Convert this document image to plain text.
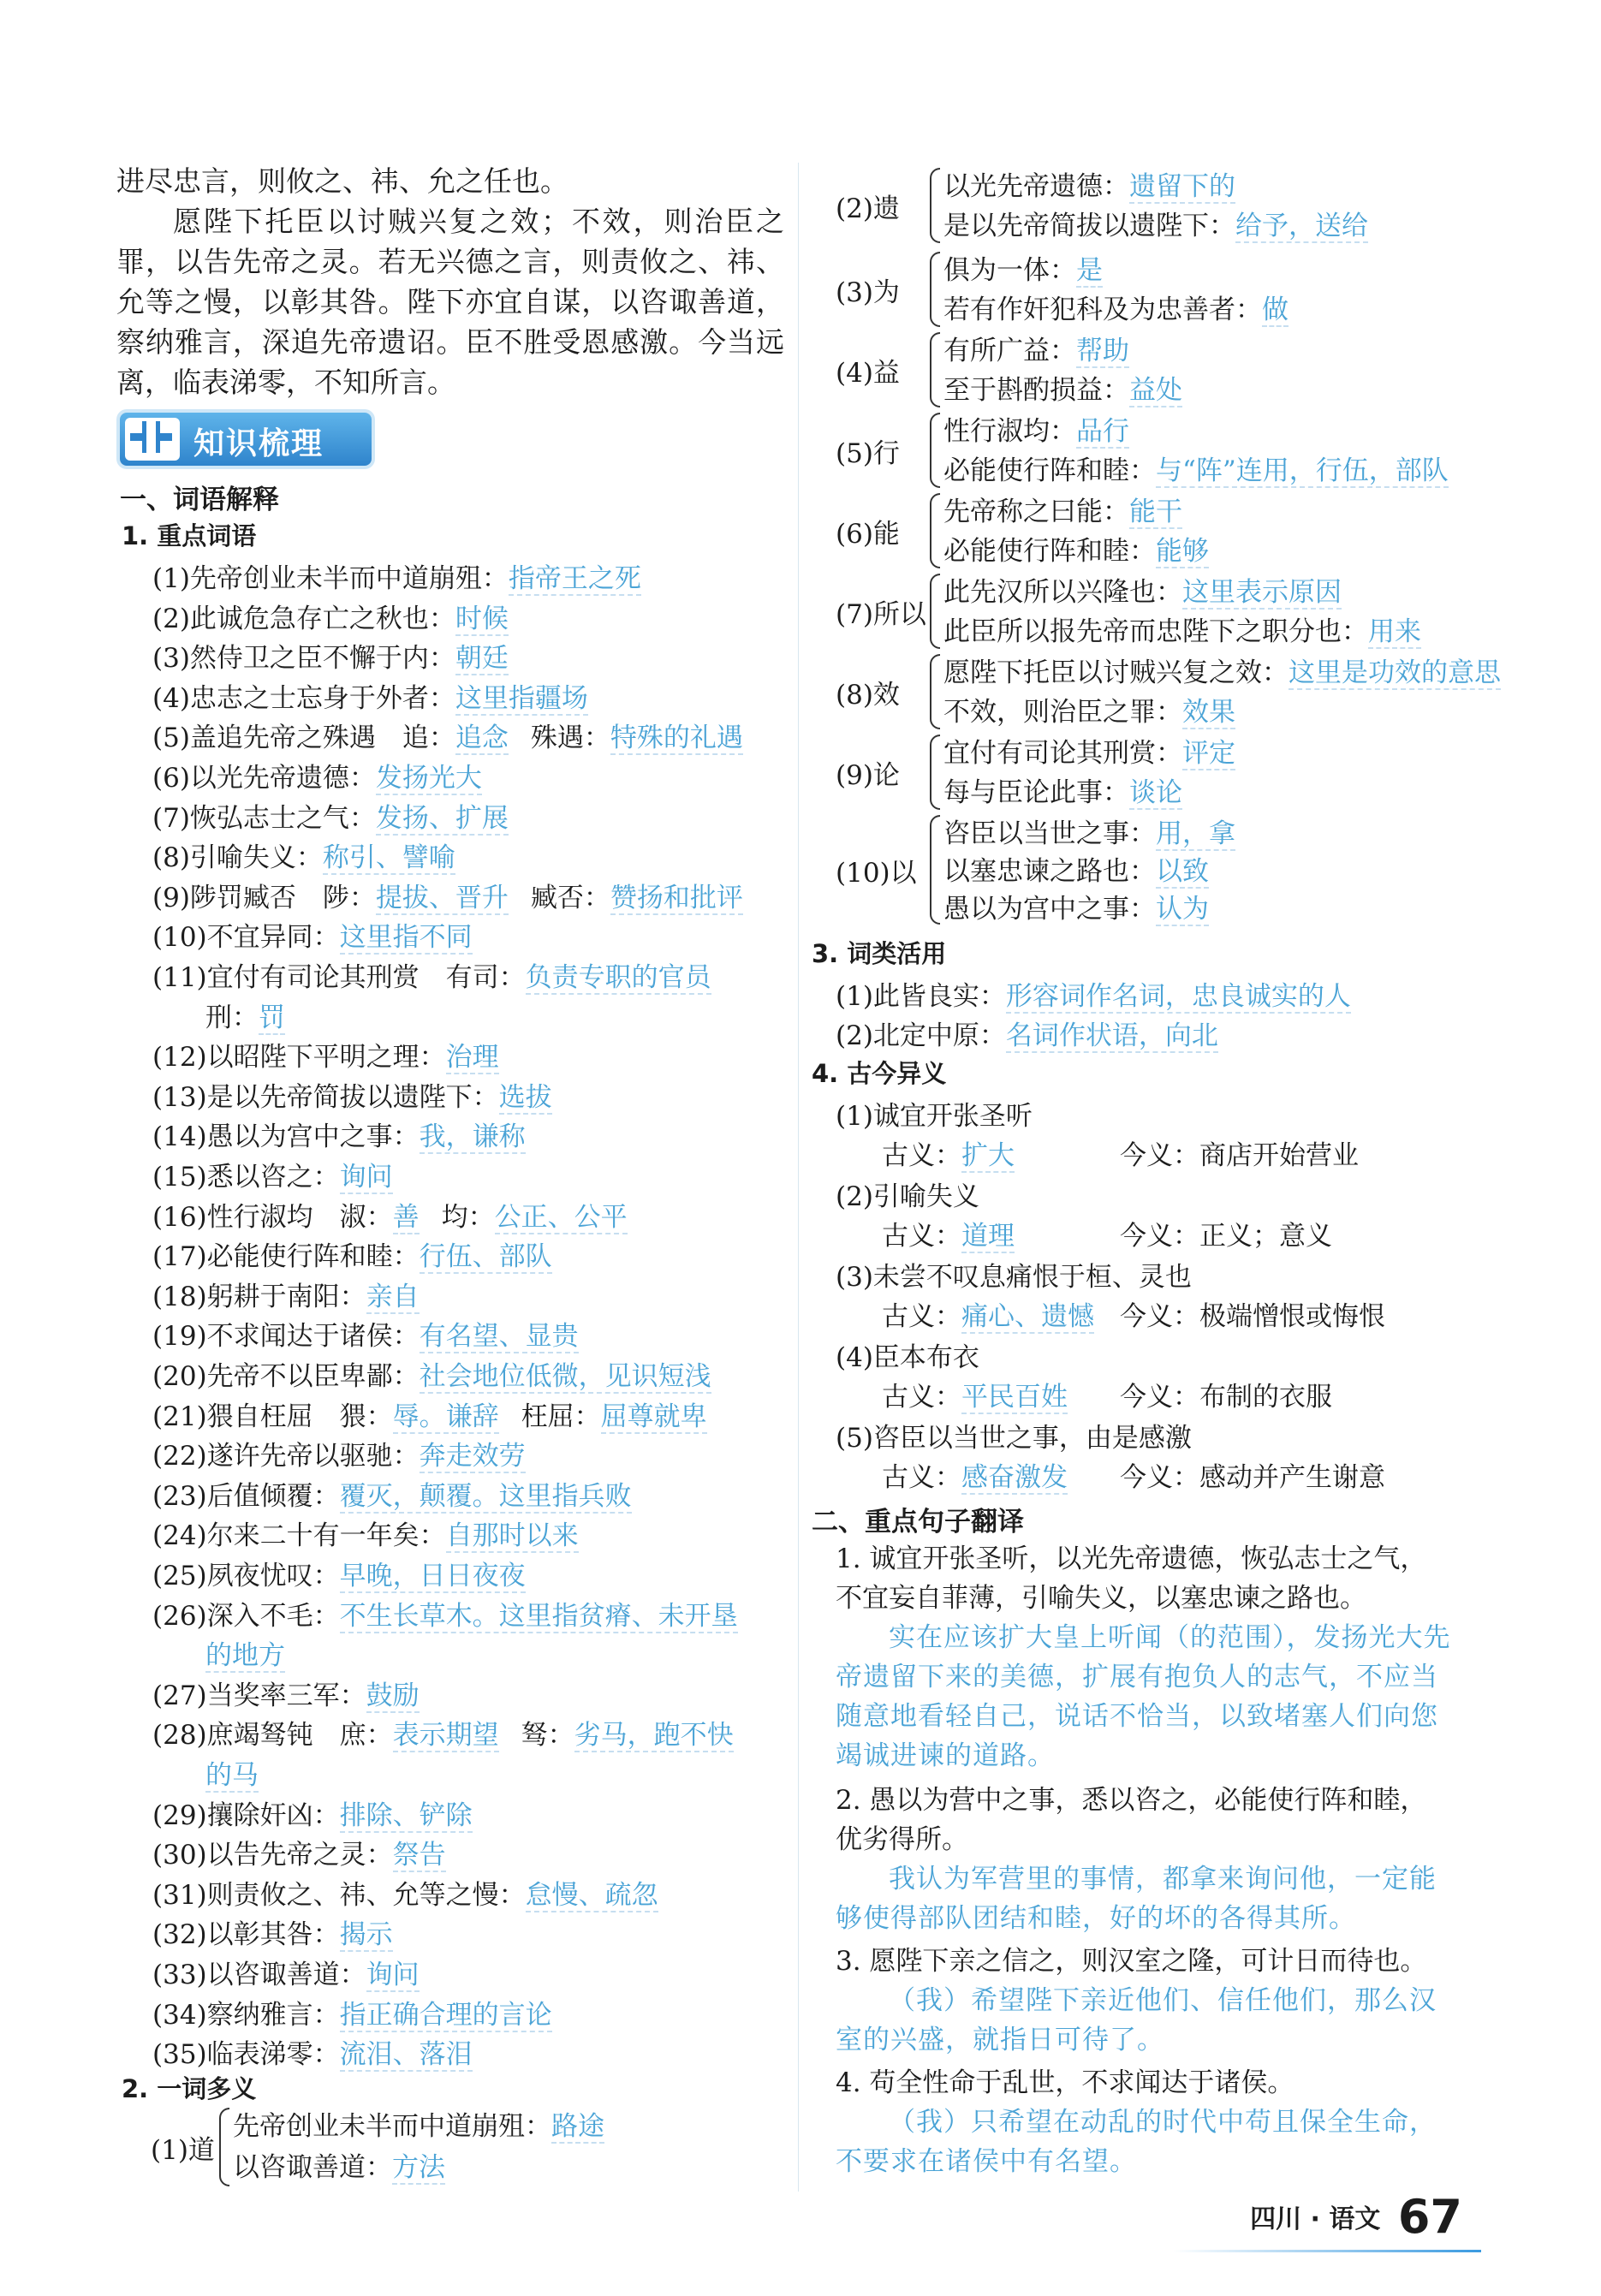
进尽忠言，则攸之、祎、允之任也。

愿陛下托臣以讨贼兴复之效；不效，则治臣之罪，以告先帝之灵。若无兴德之言，则责攸之、祎、允等之慢，以彰其咎。陛下亦宜自谋，以咨诹善道，察纳雅言，深追先帝遗诏。臣不胜受恩感激。今当远离，临表涕零，不知所言。

知识梳理
一、词语解释
1. 重点词语
(1)先帝创业未半而中道崩殂：指帝王之死
(2)此诚危急存亡之秋也：时候
(3)然侍卫之臣不懈于内：朝廷
(4)忠志之士忘身于外者：这里指疆场
(5)盖追先帝之殊遇　追：追念 殊遇：特殊的礼遇
(6)以光先帝遗德：发扬光大
(7)恢弘志士之气：发扬、扩展
(8)引喻失义：称引、譬喻
(9)陟罚臧否　陟：提拔、晋升 臧否：赞扬和批评
(10)不宜异同：这里指不同
(11)宜付有司论其刑赏　有司：负责专职的官员
刑：罚
(12)以昭陛下平明之理：治理
(13)是以先帝简拔以遗陛下：选拔
(14)愚以为宫中之事：我，谦称
(15)悉以咨之：询问
(16)性行淑均　淑：善 均：公正、公平
(17)必能使行阵和睦：行伍、部队
(18)躬耕于南阳：亲自
(19)不求闻达于诸侯：有名望、显贵
(20)先帝不以臣卑鄙：社会地位低微，见识短浅
(21)猥自枉屈　猥：辱。谦辞 枉屈：屈尊就卑
(22)遂许先帝以驱驰：奔走效劳
(23)后值倾覆：覆灭，颠覆。这里指兵败
(24)尔来二十有一年矣：自那时以来
(25)夙夜忧叹：早晚，日日夜夜
(26)深入不毛：不生长草木。这里指贫瘠、未开垦
的地方
(27)当奖率三军：鼓励
(28)庶竭驽钝　庶：表示期望 驽：劣马，跑不快
的马
(29)攘除奸凶：排除、铲除
(30)以告先帝之灵：祭告
(31)则责攸之、祎、允等之慢：怠慢、疏忽
(32)以彰其咎：揭示
(33)以咨诹善道：询问
(34)察纳雅言：指正确合理的言论
(35)临表涕零：流泪、落泪
2. 一词多义
(1)道
先帝创业未半而中道崩殂：路途
以咨诹善道：方法
(2)遗
以光先帝遗德：遗留下的
是以先帝简拔以遗陛下：给予，送给
(3)为
俱为一体：是
若有作奸犯科及为忠善者：做
(4)益
有所广益：帮助
至于斟酌损益：益处
(5)行
性行淑均：品行
必能使行阵和睦：与“阵”连用，行伍，部队
(6)能
先帝称之曰能：能干
必能使行阵和睦：能够
(7)所以
此先汉所以兴隆也：这里表示原因
此臣所以报先帝而忠陛下之职分也：用来
(8)效
愿陛下托臣以讨贼兴复之效：这里是功效的意思
不效，则治臣之罪：效果
(9)论
宜付有司论其刑赏：评定
每与臣论此事：谈论
(10)以
咨臣以当世之事：用，拿
以塞忠谏之路也：以致
愚以为宫中之事：认为
3. 词类活用
(1)此皆良实：形容词作名词，忠良诚实的人
(2)北定中原：名词作状语，向北
4. 古今异义
(1)诚宜开张圣听
古义：扩大	今义：商店开始营业
(2)引喻失义
古义：道理	今义：正义；意义
(3)未尝不叹息痛恨于桓、灵也
古义：痛心、遗憾 今义：极端憎恨或悔恨
(4)臣本布衣
古义：平民百姓 今义：布制的衣服
(5)咨臣以当世之事，由是感激
古义：感奋激发 今义：感动并产生谢意
二、重点句子翻译

1. 诚宜开张圣听，以光先帝遗德，恢弘志士之气，不宜妄自菲薄，引喻失义，以塞忠谏之路也。

实在应该扩大皇上听闻（的范围），发扬光大先帝遗留下来的美德，扩展有抱负人的志气，不应当随意地看轻自己，说话不恰当，以致堵塞人们向您竭诚进谏的道路。

2. 愚以为营中之事，悉以咨之，必能使行阵和睦，优劣得所。

我认为军营里的事情，都拿来询问他，一定能够使得部队团结和睦，好的坏的各得其所。

3. 愿陛下亲之信之，则汉室之隆，可计日而待也。

（我）希望陛下亲近他们、信任他们，那么汉室的兴盛，就指日可待了。

4. 苟全性命于乱世，不求闻达于诸侯。

（我）只希望在动乱的时代中苟且保全生命，不要求在诸侯中有名望。

四川 · 语文 67
